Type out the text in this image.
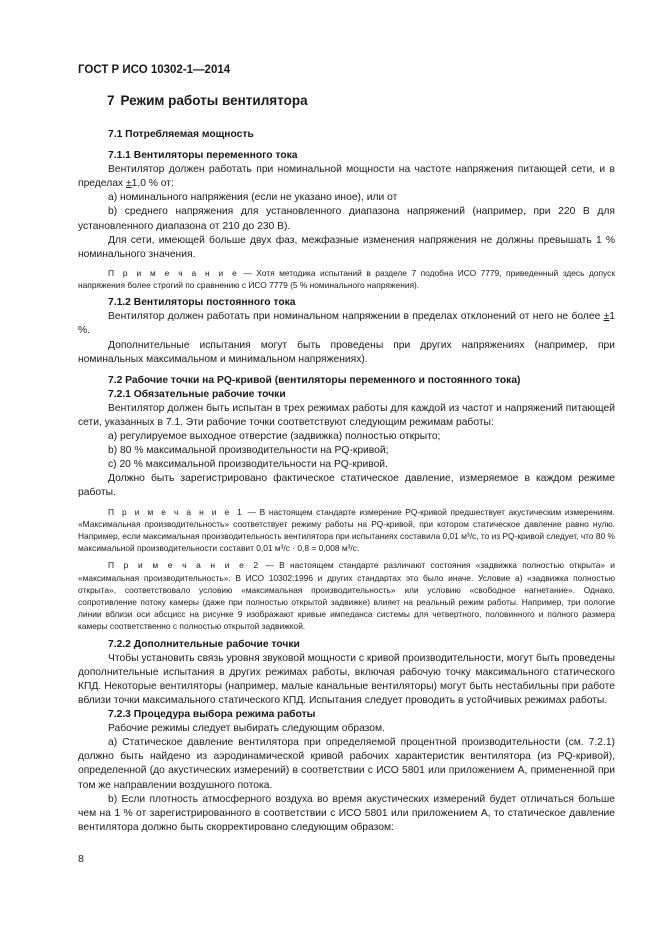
ГОСТ Р ИСО 10302-1—2014
7 Режим работы вентилятора

7.1 Потребляемая мощность

7.1.1 Вентиляторы переменного тока

Вентилятор должен работать при номинальной мощности на частоте напряжения питающей сети, и в пределах ±1,0 % от:

а) номинального напряжения (если не указано иное), или от

b) среднего напряжения для установленного диапазона напряжений (например, при 220 В для установленного диапазона от 210 до 230 В).

Для сети, имеющей больше двух фаз, межфазные изменения напряжения не должны превышать 1 % номинального значения.

П р и м е ч а н и е — Хотя методика испытаний в разделе 7 подобна ИСО 7779, приведенный здесь допуск напряжения более строгий по сравнению с ИСО 7779 (5 % номинального напряжения).

7.1.2 Вентиляторы постоянного тока

Вентилятор должен работать при номинальном напряжении в пределах отклонений от него не более ±1 %.

Дополнительные испытания могут быть проведены при других напряжениях (например, при номинальных максимальном и минимальном напряжениях).

7.2 Рабочие точки на PQ-кривой (вентиляторы переменного и постоянного тока)

7.2.1 Обязательные рабочие точки

Вентилятор должен быть испытан в трех режимах работы для каждой из частот и напряжений питающей сети, указанных в 7.1. Эти рабочие точки соответствуют следующим режимам работы:

а) регулируемое выходное отверстие (задвижка) полностью открыто;

b) 80 % максимальной производительности на PQ-кривой;

с) 20 % максимальной производительности на PQ-кривой.

Должно быть зарегистрировано фактическое статическое давление, измеряемое в каждом режиме работы.

П р и м е ч а н и е 1 — В настоящем стандарте измерение PQ-кривой предшествует акустическим измерениям. «Максимальная производительность» соответствует режиму работы на PQ-кривой, при котором статическое давление равно нулю. Например, если максимальная производительность вентилятора при испытаниях составила 0,01 м³/с, то из PQ-кривой следует, что 80 % максимальной производительности составит 0,01 м³/с · 0,8 = 0,008 м³/с.

П р и м е ч а н и е 2 — В настоящем стандарте различают состояния «задвижка полностью открыта» и «максимальная производительность». В ИСО 10302:1996 и других стандартах это было иначе. Условие а) «задвижка полностью открыта», соответствовало условию «максимальная производительность» или условию «свободное нагнетание». Однако, сопротивление потоку камеры (даже при полностью открытой задвижке) влияет на реальный режим работы. Например, три пологие линии вблизи оси абсцисс на рисунке 9 изображают кривые импеданса системы для четвертного, половинного и полного размера камеры соответственно с полностью открытой задвижкой.

7.2.2 Дополнительные рабочие точки

Чтобы установить связь уровня звуковой мощности с кривой производительности, могут быть проведены дополнительные испытания в других режимах работы, включая рабочую точку максимального статического КПД. Некоторые вентиляторы (например, малые канальные вентиляторы) могут быть нестабильны при работе вблизи точки максимального статического КПД. Испытания следует проводить в устойчивых режимах работы.

7.2.3 Процедура выбора режима работы

Рабочие режимы следует выбирать следующим образом.

а) Статическое давление вентилятора при определяемой процентной производительности (см. 7.2.1) должно быть найдено из аэродинамической кривой рабочих характеристик вентилятора (из PQ-кривой), определенной (до акустических измерений) в соответствии с ИСО 5801 или приложением А, примененной при том же направлении воздушного потока.

b) Если плотность атмосферного воздуха во время акустических измерений будет отличаться больше чем на 1 % от зарегистрированного в соответствии с ИСО 5801 или приложением А, то статическое давление вентилятора должно быть скорректировано следующим образом:

8
